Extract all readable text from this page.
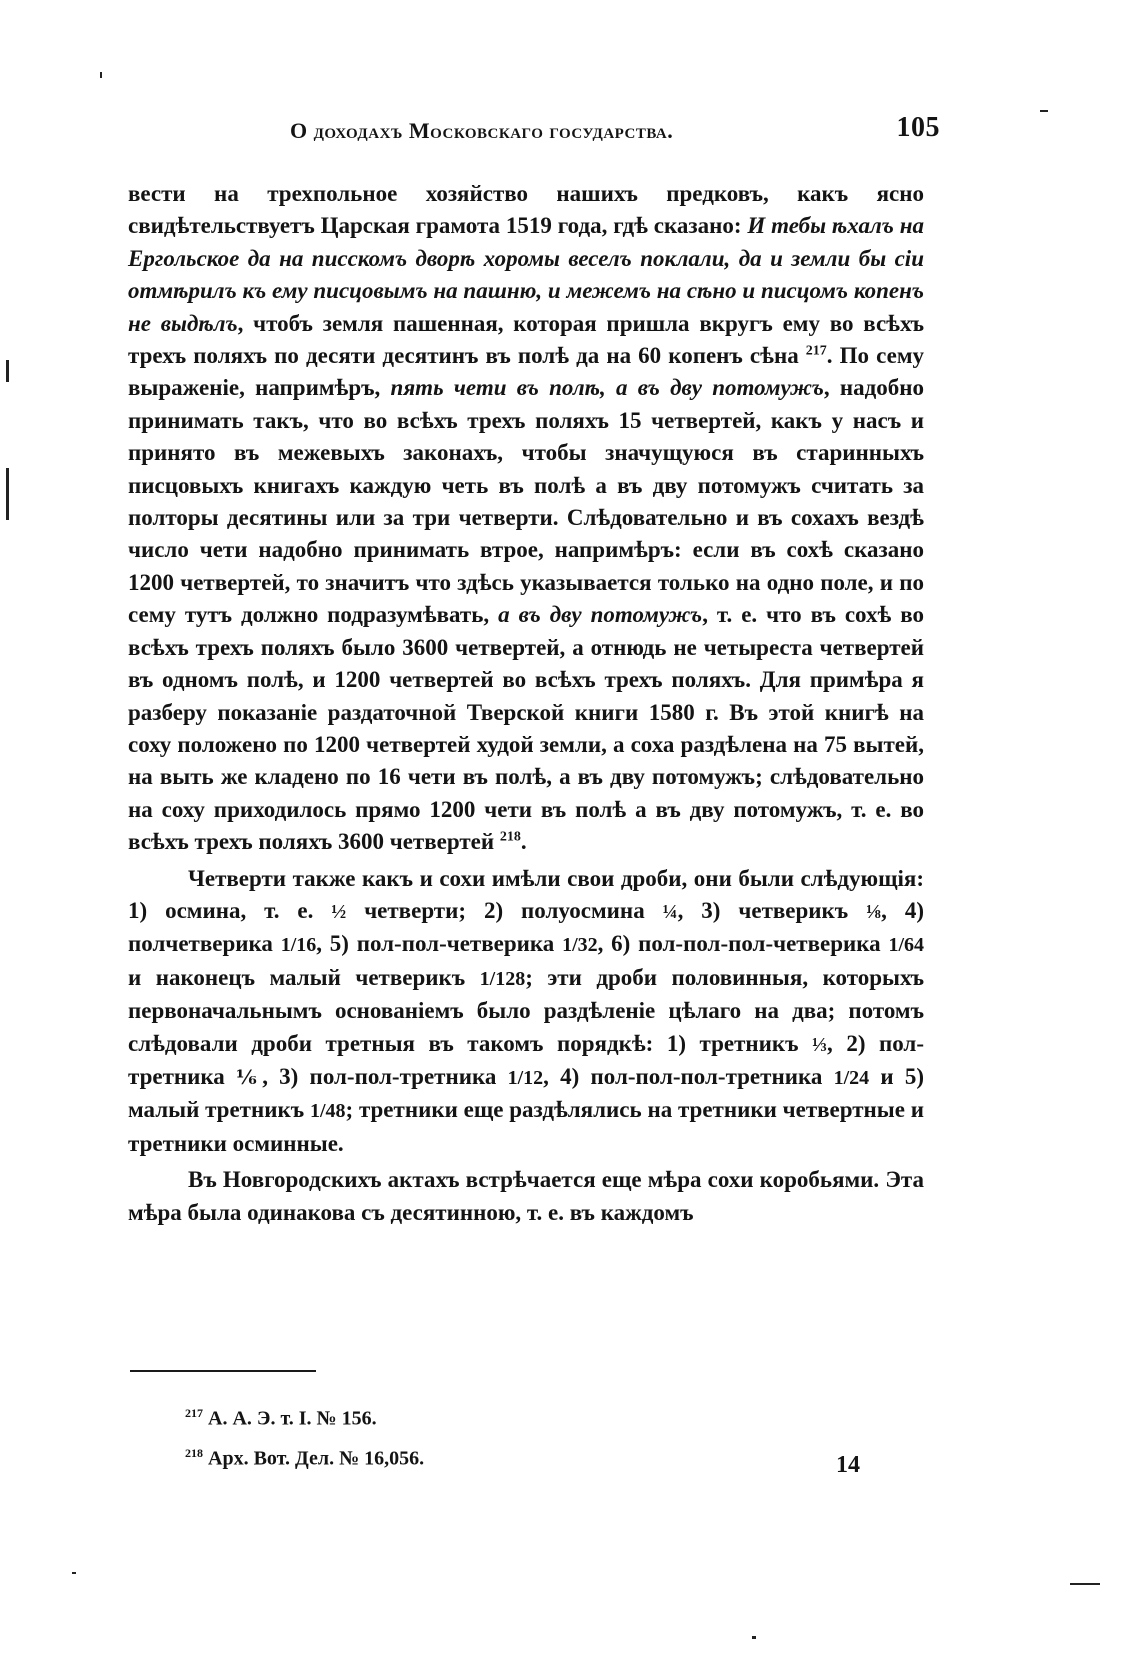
О доходахъ Московскаго государства.	105

вести на трехпольное хозяйство нашихъ предковъ, какъ ясно свидѣтельствуетъ Царская грамота 1519 года, гдѣ сказано: И тебы ѣхалъ на Ергольское да на писскомъ дворѣ хоромы веселъ поклали, да и земли бы сiи отмѣрилъ къ ему писцовымъ на пашню, и межемъ на сѣно и писцомъ копенъ не выдѣлъ, чтобъ земля пашенная, которая пришла вкругъ ему во всѣхъ трехъ поляхъ по десяти десятинъ въ полѣ да на 60 копенъ сѣна $^{217}$. По сему выраженiе, напримѣръ, пять чети въ полѣ, а въ дву потомужъ, надобно принимать такъ, что во всѣхъ трехъ поляхъ 15 четвертей, какъ у насъ и принято въ межевыхъ законахъ, чтобы значущуюся въ старинныхъ писцовыхъ книгахъ каждую четь въ полѣ а въ дву потомужъ считать за полторы десятины или за три четверти. Слѣдовательно и въ сохахъ вездѣ число чети надобно принимать втрое, напримѣръ: если въ сохѣ сказано 1200 четвертей, то значитъ что здѣсь указывается только на одно поле, и по сему тутъ должно подразумѣвать, а въ дву потомужъ, т. е. что въ сохѣ во всѣхъ трехъ поляхъ было 3600 четвертей, а отнюдь не четыреста четвертей въ одномъ полѣ, и 1200 четвертей во всѣхъ трехъ поляхъ. Для примѣра я разберу показанiе раздаточной Тверской книги 1580 г. Въ этой книгѣ на соху положено по 1200 четвертей худой земли, а соха раздѣлена на 75 вытей, на выть же кладено по 16 чети въ полѣ, а въ дву потомужъ; слѣдовательно на соху приходилось прямо 1200 чети въ полѣ а въ дву потомужъ, т. е. во всѣхъ трехъ поляхъ 3600 четвертей $^{218}$.

Четверти также какъ и сохи имѣли свои дроби, они были слѣдующiя: 1) осмина, т. е. ½ четверти; 2) полуосмина ¼, 3) четверикъ ⅛, 4) полчетверика 1/16, 5) пол-пол-четверика 1/32, 6) пол-пол-пол-четверика 1/64 и наконецъ малый четверикъ 1/128; эти дроби половинныя, которыхъ первоначальнымъ основанiемъ было раздѣленiе цѣлаго на два; потомъ слѣдовали дроби третныя въ такомъ порядкѣ: 1) третникъ ⅓, 2) пол-третника ⅙, 3) пол-пол-третника 1/12, 4) пол-пол-пол-третника 1/24 и 5) малый третникъ 1/48; третники еще раздѣлялись на третники четвертные и третники осминные.

Въ Новгородскихъ актахъ встрѣчается еще мѣра сохи коробьями. Эта мѣра была одинакова съ десятинною, т. е. въ каждомъ

$^{217}$ А. А. Э. т. I. № 156.
$^{218}$ Арх. Вот. Дел. № 16,056.	14
